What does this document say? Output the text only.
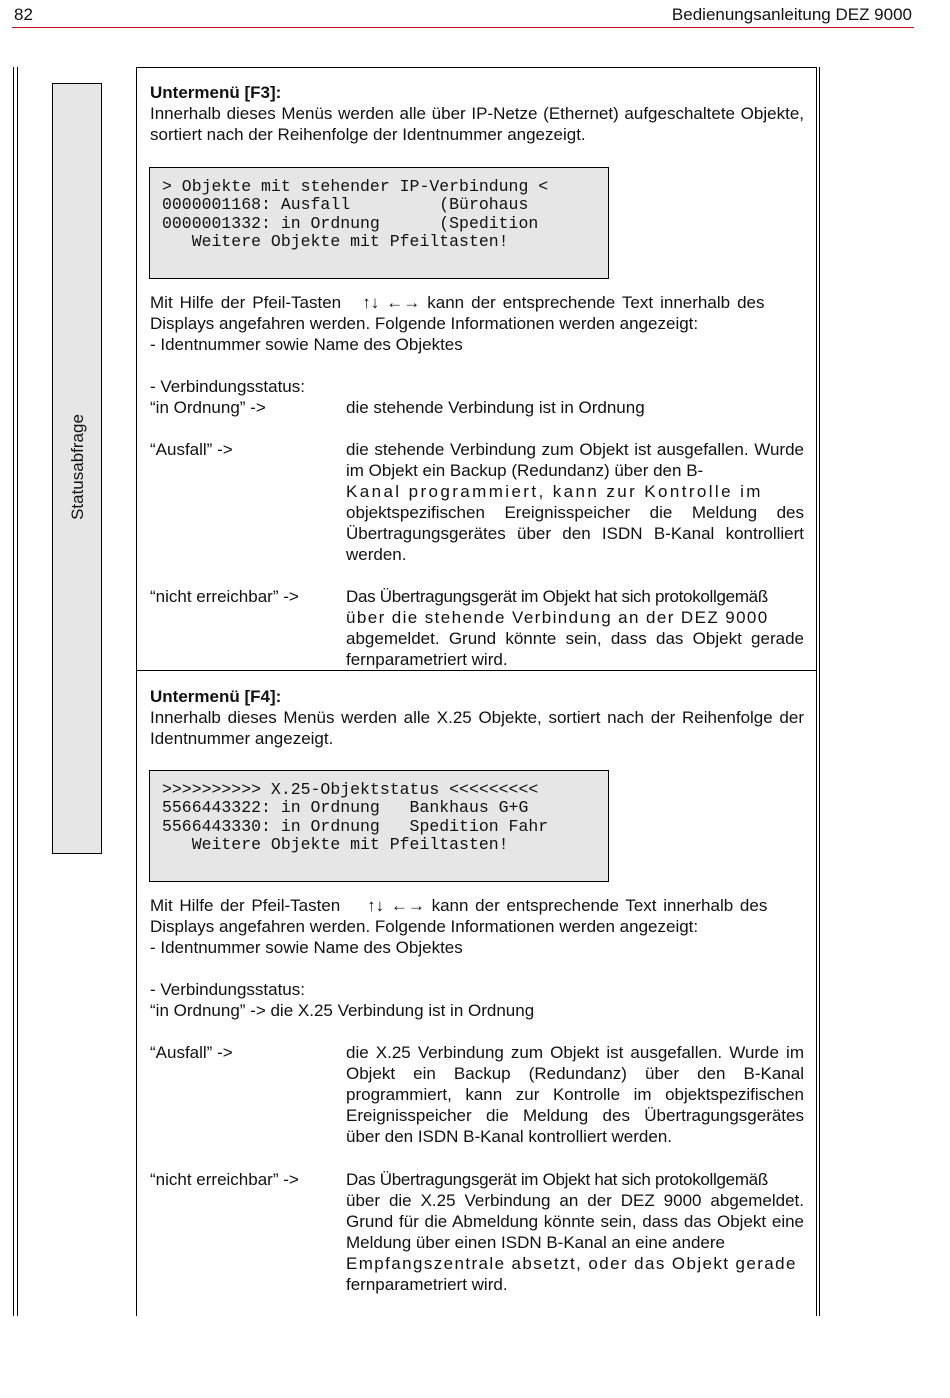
82	Bedienungsanleitung DEZ 9000
Statusabfrage
Untermenü [F3]:
Innerhalb dieses Menüs werden alle über IP-Netze (Ethernet) aufgeschaltete Objekte, sortiert nach der Reihenfolge der Identnummer angezeigt.
> Objekte mit stehender IP-Verbindung <
0000001168: Ausfall         (Bürohaus
0000001332: in Ordnung      (Spedition
Weitere Objekte mit Pfeiltasten!
Mit Hilfe der Pfeil-Tasten   ↑↓ ←→ kann der entsprechende Text innerhalb des
Displays angefahren werden. Folgende Informationen werden angezeigt:
- Identnummer sowie Name des Objektes
- Verbindungsstatus:
“in Ordnung” ->	die stehende Verbindung ist in Ordnung
“Ausfall” ->	die stehende Verbindung zum Objekt ist ausgefallen. Wurde im Objekt ein Backup (Redundanz) über den B-
Kanal programmiert, kann zur Kontrolle im
objektspezifischen Ereignisspeicher die Meldung des Übertragungsgerätes über den ISDN B-Kanal kontrolliert werden.
“nicht erreichbar” ->	Das Übertragungsgerät im Objekt hat sich protokollgemäß
über die stehende Verbindung an der DEZ 9000
abgemeldet. Grund könnte sein, dass das Objekt gerade fernparametriert wird.
Untermenü [F4]:
Innerhalb dieses Menüs werden alle X.25 Objekte, sortiert nach der Reihenfolge der Identnummer angezeigt.
>>>>>>>>>> X.25-Objektstatus <<<<<<<<<
5566443322: in Ordnung   Bankhaus G+G
5566443330: in Ordnung   Spedition Fahr
Weitere Objekte mit Pfeiltasten!
Mit Hilfe der Pfeil-Tasten    ↑↓ ←→ kann der entsprechende Text innerhalb des
Displays angefahren werden. Folgende Informationen werden angezeigt:
- Identnummer sowie Name des Objektes
- Verbindungsstatus:
“in Ordnung” -> die X.25 Verbindung ist in Ordnung
“Ausfall” ->	die X.25 Verbindung zum Objekt ist ausgefallen. Wurde im Objekt ein Backup (Redundanz) über den B-Kanal programmiert, kann zur Kontrolle im objektspezifischen Ereignisspeicher die Meldung des Übertragungsgerätes über den ISDN B-Kanal kontrolliert werden.
“nicht erreichbar” ->	Das Übertragungsgerät im Objekt hat sich protokollgemäß
über die X.25 Verbindung an der DEZ 9000 abgemeldet. Grund für die Abmeldung könnte sein, dass das Objekt eine Meldung über einen ISDN B-Kanal an eine andere
Empfangszentrale absetzt, oder das Objekt gerade
fernparametriert wird.
